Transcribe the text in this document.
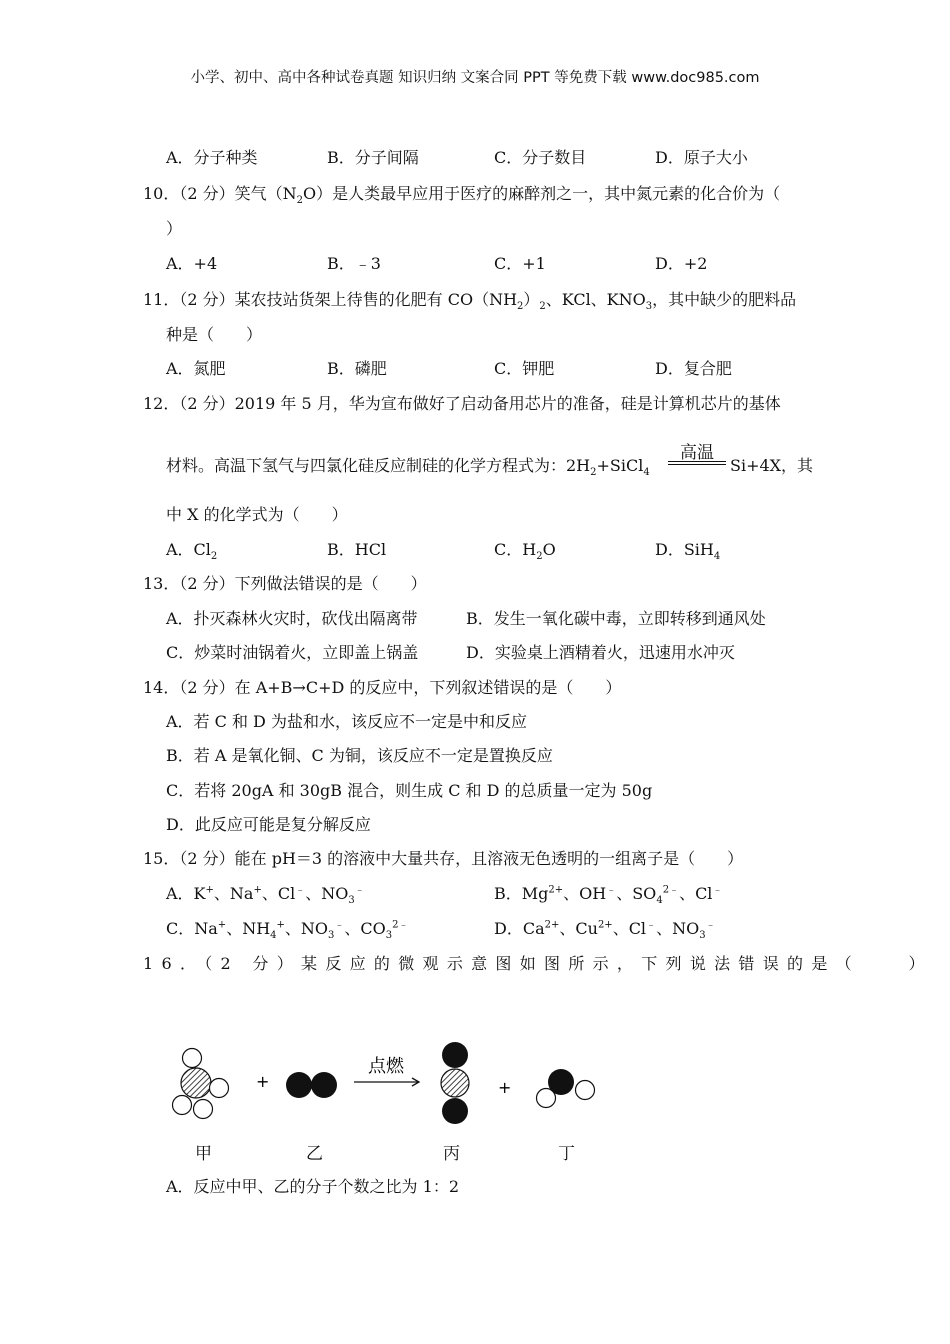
小学、初中、高中各种试卷真题 知识归纳 文案合同 PPT 等免费下载 www.doc985.com
A．分子种类	B．分子间隔	C．分子数目	D．原子大小
10．（2 分）笑气$(N_2O)$是人类最早应用于医疗的麻醉剂之一，其中氮元素的化合价为（
）
A．+4	B．﹣3	C．+1	D．+2
11．（2 分）某农技站货架上待售的化肥有 $CO(NH_2)_2$、KCl、$KNO_3$，其中缺少的肥料品
种是（　　）
A．氮肥	B．磷肥	C．钾肥	D．复合肥
12．（2 分）2019 年 5 月，华为宣布做好了启动备用芯片的准备，硅是计算机芯片的基体
材料。高温下氢气与四氯化硅反应制硅的化学方程式为：$2H_2+SiCl_4$
高温
Si+4X，其
中 X 的化学式为（　　）
A．$Cl_2$	B．HCl	C．$H_2O$	D．SiH$_4$
13．（2 分）下列做法错误的是（　　）
A．扑灭森林火灾时，砍伐出隔离带	B．发生一氧化碳中毒，立即转移到通风处
C．炒菜时油锅着火，立即盖上锅盖	D．实验桌上酒精着火，迅速用水冲灭
14．（2 分）在 A+B→C+D 的反应中，下列叙述错误的是（　　）
A．若 C 和 D 为盐和水，该反应不一定是中和反应
B．若 A 是氧化铜、C 为铜，该反应不一定是置换反应
C．若将 20gA 和 30gB 混合，则生成 C 和 D 的总质量一定为 50g
D．此反应可能是复分解反应
15．（2 分）能在 pH＝3 的溶液中大量共存，且溶液无色透明的一组离子是（　　）
A．K+、Na+、Cl﹣、$NO_3^﹣$	B．$Mg^{2+}$、OH﹣、$SO_4^{2﹣}$、Cl﹣
C．Na+、$NH_4^+$、$NO_3^﹣$、$CO_3^{2﹣}$	D．$Ca^{2+}$、$Cu^{2+}$、Cl﹣、$NO_3^﹣$
16．（2 分）某反应的微观示意图如图所示，下列说法错误的是（　　）
+
点燃
+
甲	乙	丙	丁
A．反应中甲、乙的分子个数之比为 1：2
